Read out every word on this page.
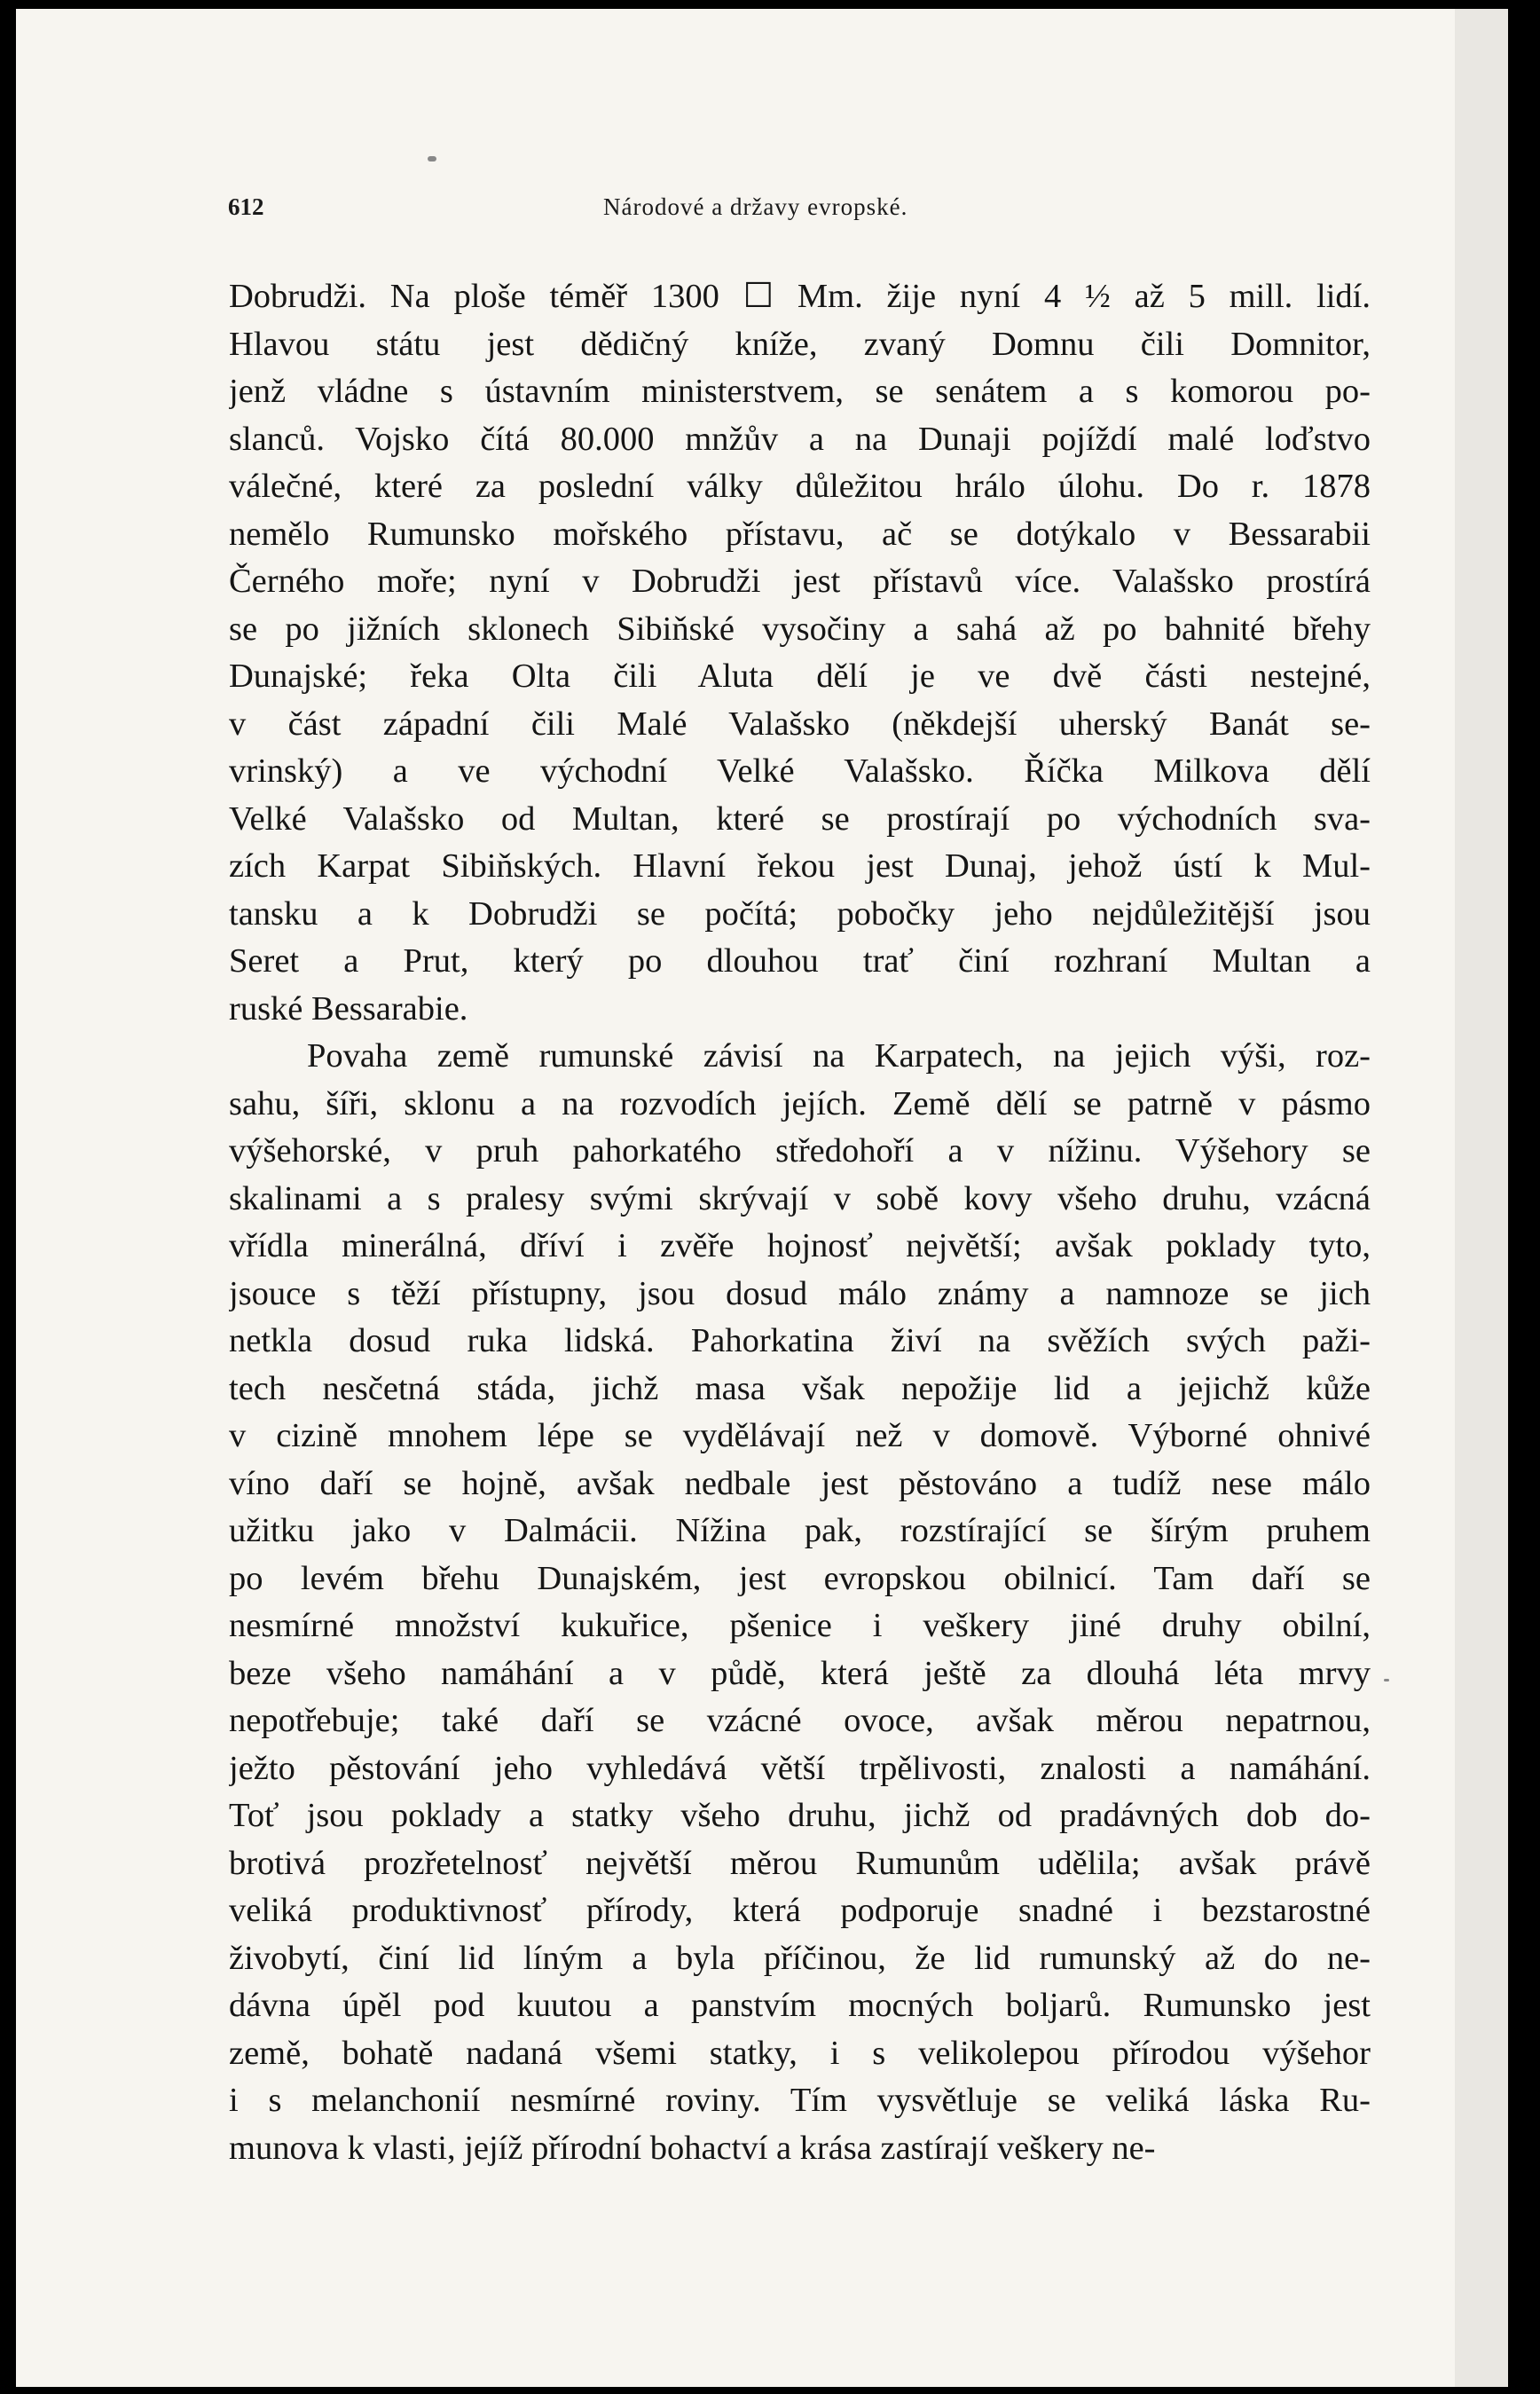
612	Národové a državy evropské.
Dobrudži. Na ploše téměř 1300 ☐ Mm. žije nyní 4 ½ až 5 mill. lidí.
Hlavou státu jest dědičný kníže, zvaný Domnu čili Domnitor,
jenž vládne s ústavním ministerstvem, se senátem a s komorou po-
slanců. Vojsko čítá 80.000 mnžův a na Dunaji pojíždí malé loďstvo
válečné, které za poslední války důležitou hrálo úlohu. Do r. 1878
nemělo Rumunsko mořského přístavu, ač se dotýkalo v Bessarabii
Černého moře; nyní v Dobrudži jest přístavů více. Valašsko prostírá
se po jižních sklonech Sibiňské vysočiny a sahá až po bahnité břehy
Dunajské; řeka Olta čili Aluta dělí je ve dvě části nestejné,
v část západní čili Malé Valašsko (někdejší uherský Banát se-
vrinský) a ve východní Velké Valašsko. Říčka Milkova dělí
Velké Valašsko od Multan, které se prostírají po východních sva-
zích Karpat Sibiňských. Hlavní řekou jest Dunaj, jehož ústí k Mul-
tansku a k Dobrudži se počítá; pobočky jeho nejdůležitější jsou
Seret a Prut, který po dlouhou trať činí rozhraní Multan a
ruské Bessarabie.
Povaha země rumunské závisí na Karpatech, na jejich výši, roz-
sahu, šíři, sklonu a na rozvodích jejích. Země dělí se patrně v pásmo
výšehorské, v pruh pahorkatého středohoří a v nížinu. Výšehory se
skalinami a s pralesy svými skrývají v sobě kovy všeho druhu, vzácná
vřídla minerálná, dříví i zvěře hojnosť největší; avšak poklady tyto,
jsouce s těží přístupny, jsou dosud málo známy a namnoze se jich
netkla dosud ruka lidská. Pahorkatina živí na svěžích svých paži-
tech nesčetná stáda, jichž masa však nepožije lid a jejichž kůže
v cizině mnohem lépe se vydělávají než v domově. Výborné ohnivé
víno daří se hojně, avšak nedbale jest pěstováno a tudíž nese málo
užitku jako v Dalmácii. Nížina pak, rozstírající se šírým pruhem
po levém břehu Dunajském, jest evropskou obilnicí. Tam daří se
nesmírné množství kukuřice, pšenice i veškery jiné druhy obilní,
beze všeho namáhání a v půdě, která ještě za dlouhá léta mrvy
nepotřebuje; také daří se vzácné ovoce, avšak měrou nepatrnou,
ježto pěstování jeho vyhledává větší trpělivosti, znalosti a namáhání.
Toť jsou poklady a statky všeho druhu, jichž od pradávných dob do-
brotivá prozřetelnosť největší měrou Rumunům udělila; avšak právě
veliká produktivnosť přírody, která podporuje snadné i bezstarostné
živobytí, činí lid líným a byla příčinou, že lid rumunský až do ne-
dávna úpěl pod kuutou a panstvím mocných boljarů. Rumunsko jest
země, bohatě nadaná všemi statky, i s velikolepou přírodou výšehor
i s melanchonií nesmírné roviny. Tím vysvětluje se veliká láska Ru-
munova k vlasti, jejíž přírodní bohactví a krása zastírají veškery ne-
